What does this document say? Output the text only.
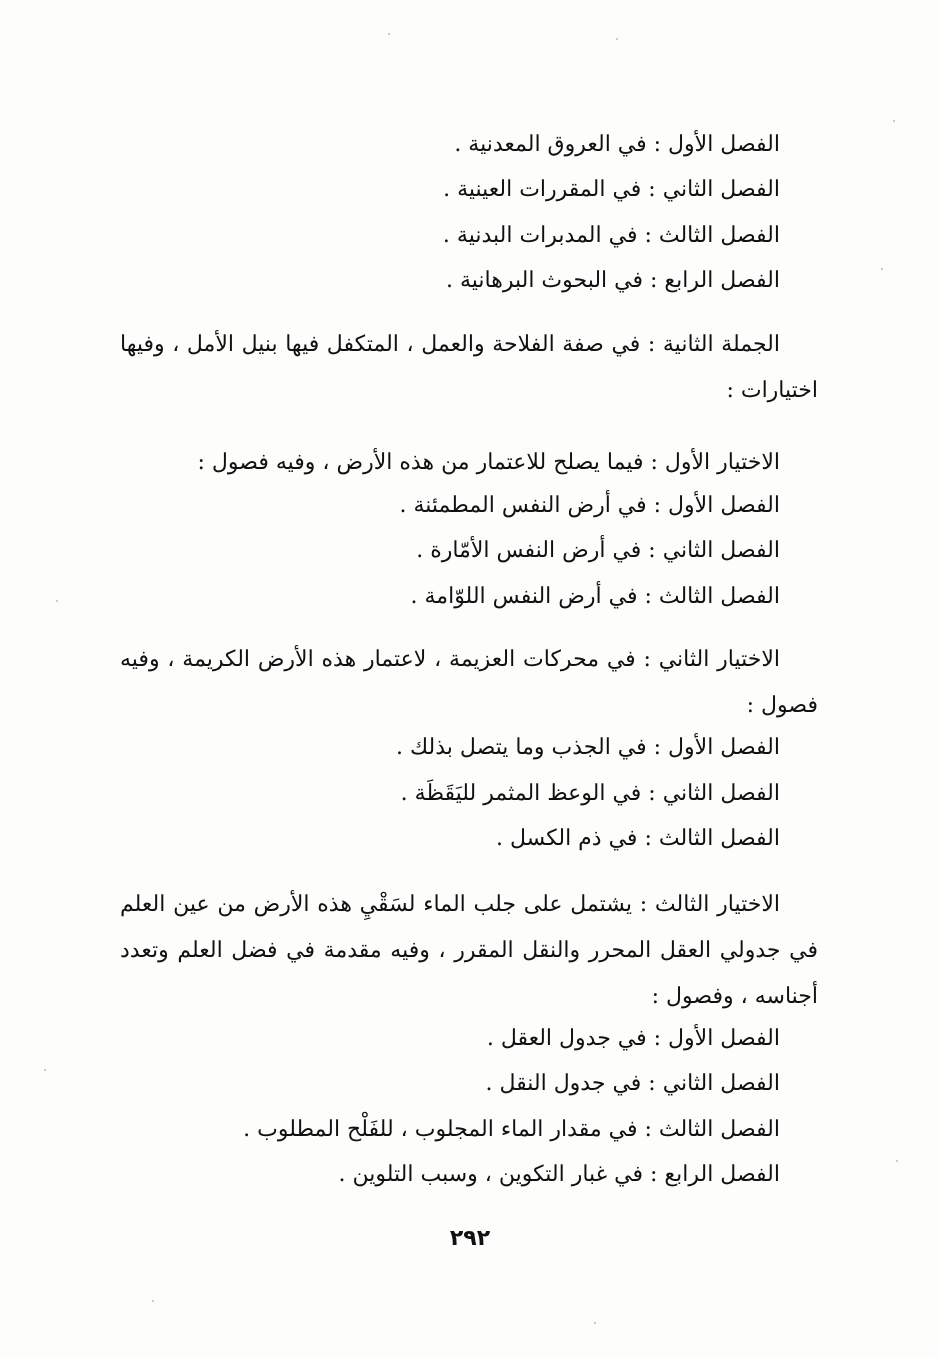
الفصل الأول : في العروق المعدنية .
الفصل الثاني : في المقررات العينية .
الفصل الثالث : في المدبرات البدنية .
الفصل الرابع : في البحوث البرهانية .
الجملة الثانية : في صفة الفلاحة والعمل ، المتكفل فيها بنيل الأمل ، وفيها اختيارات :
الاختيار الأول : فيما يصلح للاعتمار من هذه الأرض ، وفيه فصول :
الفصل الأول : في أرض النفس المطمئنة .
الفصل الثاني : في أرض النفس الأمّارة .
الفصل الثالث : في أرض النفس اللوّامة .
الاختيار الثاني : في محركات العزيمة ، لاعتمار هذه الأرض الكريمة ، وفيه فصول :
الفصل الأول : في الجذب وما يتصل بذلك .
الفصل الثاني : في الوعظ المثمر لليَقَظَة .
الفصل الثالث : في ذم الكسل .
الاختيار الثالث : يشتمل على جلب الماء لسَقْيِ هذه الأرض من عين العلم في جدولي العقل المحرر والنقل المقرر ، وفيه مقدمة في فضل العلم وتعدد أجناسه ، وفصول :
الفصل الأول : في جدول العقل .
الفصل الثاني : في جدول النقل .
الفصل الثالث : في مقدار الماء المجلوب ، للفَلْح المطلوب .
الفصل الرابع : في غبار التكوين ، وسبب التلوين .
٢٩٢
